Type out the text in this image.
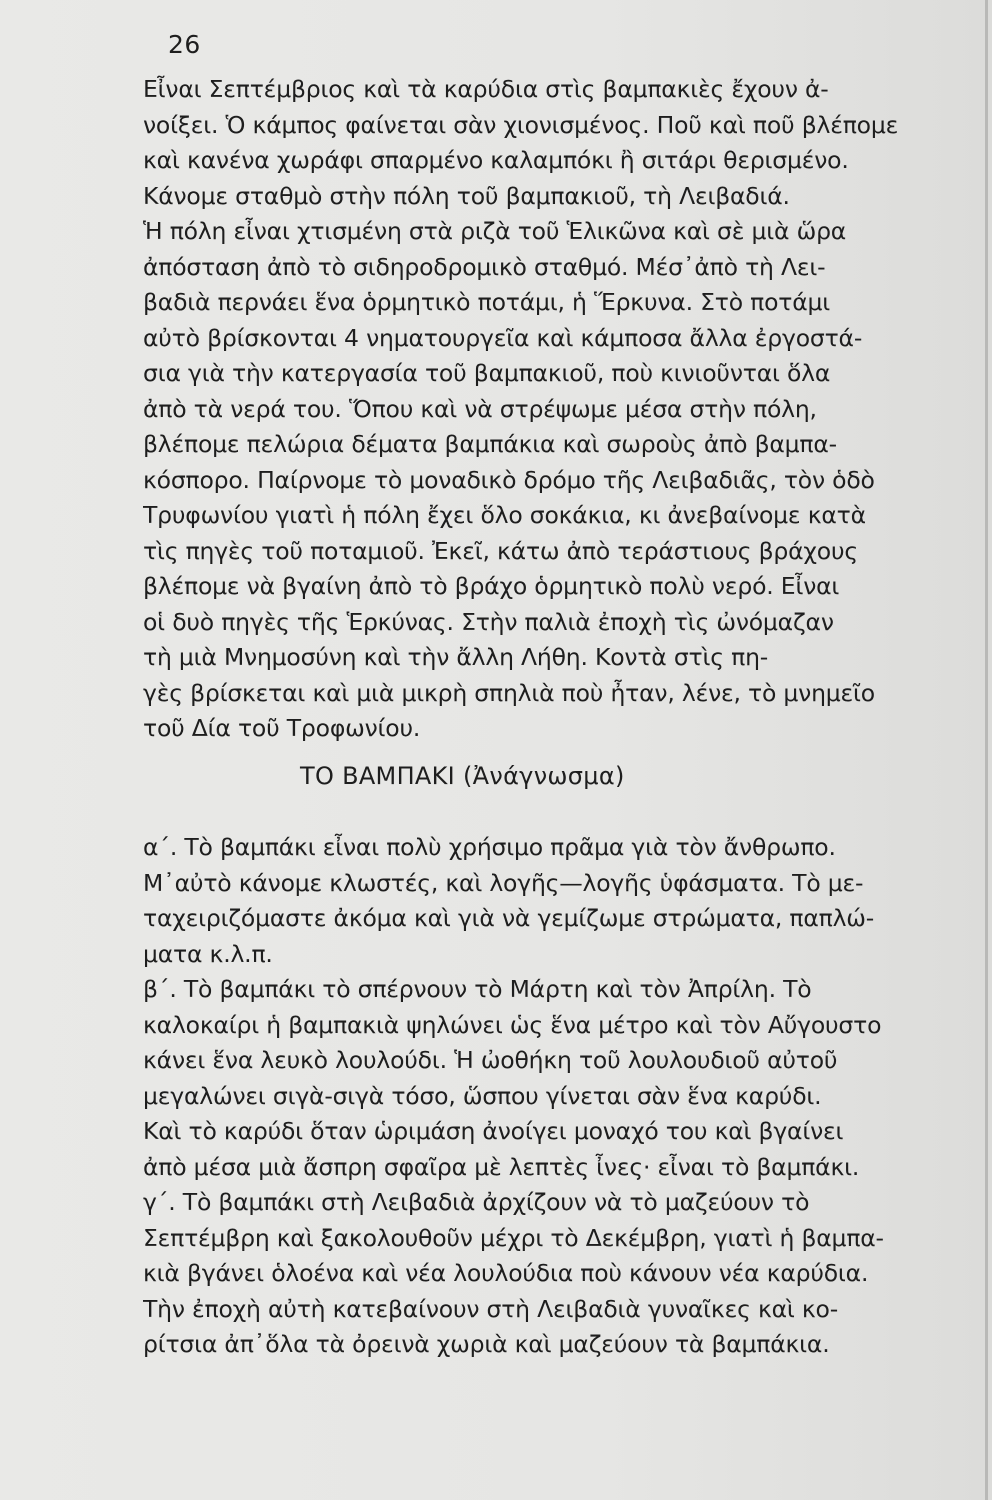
26
Εἶναι Σεπτέμβριος καὶ τὰ καρύδια στὶς βαμπακιὲς ἔχουν ἀ-
νοίξει. Ὁ κάμπος φαίνεται σὰν χιονισμένος. Ποῦ καὶ ποῦ βλέπομε
καὶ κανένα χωράφι σπαρμένο καλαμπόκι ἢ σιτάρι θερισμένο.
Κάνομε σταθμὸ στὴν πόλη τοῦ βαμπακιοῦ, τὴ Λειβαδιά.
Ἡ πόλη εἶναι χτισμένη στὰ ριζὰ τοῦ Ἑλικῶνα καὶ σὲ μιὰ ὥρα
ἀπόσταση ἀπὸ τὸ σιδηροδρομικὸ σταθμό. Μέσ᾽ἀπὸ τὴ Λει-
βαδιὰ περνάει ἕνα ὁρμητικὸ ποτάμι, ἡ Ἕρκυνα. Στὸ ποτάμι
αὐτὸ βρίσκονται 4 νηματουργεῖα καὶ κάμποσα ἄλλα ἐργοστά-
σια γιὰ τὴν κατεργασία τοῦ βαμπακιοῦ, ποὺ κινιοῦνται ὅλα
ἀπὸ τὰ νερά του. Ὅπου καὶ νὰ στρέψωμε μέσα στὴν πόλη,
βλέπομε πελώρια δέματα βαμπάκια καὶ σωροὺς ἀπὸ βαμπα-
κόσπορο. Παίρνομε τὸ μοναδικὸ δρόμο τῆς Λειβαδιᾶς, τὸν ὁδὸ
Τρυφωνίου γιατὶ ἡ πόλη ἔχει ὅλο σοκάκια, κι ἀνεβαίνομε κατὰ
τὶς πηγὲς τοῦ ποταμιοῦ. Ἐκεῖ, κάτω ἀπὸ τεράστιους βράχους
βλέπομε νὰ βγαίνη ἀπὸ τὸ βράχο ὁρμητικὸ πολὺ νερό. Εἶναι
οἱ δυὸ πηγὲς τῆς Ἑρκύνας. Στὴν παλιὰ ἐποχὴ τὶς ὠνόμαζαν
τὴ μιὰ Μνημοσύνη καὶ τὴν ἄλλη Λήθη. Κοντὰ στὶς πη-
γὲς βρίσκεται καὶ μιὰ μικρὴ σπηλιὰ ποὺ ἦταν, λένε, τὸ μνημεῖο
τοῦ Δία τοῦ Τροφωνίου.
ΤΟ ΒΑΜΠΑΚΙ (Ἀνάγνωσμα)
α΄. Τὸ βαμπάκι εἶναι πολὺ χρήσιμο πρᾶμα γιὰ τὸν ἄνθρωπο.
Μ᾽αὐτὸ κάνομε κλωστές, καὶ λογῆς—λογῆς ὑφάσματα. Τὸ με-
ταχειριζόμαστε ἀκόμα καὶ γιὰ νὰ γεμίζωμε στρώματα, παπλώ-
ματα κ.λ.π.
β΄. Τὸ βαμπάκι τὸ σπέρνουν τὸ Μάρτη καὶ τὸν Ἀπρίλη. Τὸ
καλοκαίρι ἡ βαμπακιὰ ψηλώνει ὡς ἕνα μέτρο καὶ τὸν Αὔγουστο
κάνει ἕνα λευκὸ λουλούδι. Ἡ ὠοθήκη τοῦ λουλουδιοῦ αὐτοῦ
μεγαλώνει σιγὰ-σιγὰ τόσο, ὥσπου γίνεται σὰν ἕνα καρύδι.
Καὶ τὸ καρύδι ὅταν ὡριμάση ἀνοίγει μοναχό του καὶ βγαίνει
ἀπὸ μέσα μιὰ ἄσπρη σφαῖρα μὲ λεπτὲς ἶνες· εἶναι τὸ βαμπάκι.
γ΄. Τὸ βαμπάκι στὴ Λειβαδιὰ ἀρχίζουν νὰ τὸ μαζεύουν τὸ
Σεπτέμβρη καὶ ξακολουθοῦν μέχρι τὸ Δεκέμβρη, γιατὶ ἡ βαμπα-
κιὰ βγάνει ὁλοένα καὶ νέα λουλούδια ποὺ κάνουν νέα καρύδια.
Τὴν ἐποχὴ αὐτὴ κατεβαίνουν στὴ Λειβαδιὰ γυναῖκες καὶ κο-
ρίτσια ἀπ᾽ὅλα τὰ ὀρεινὰ χωριὰ καὶ μαζεύουν τὰ βαμπάκια.
